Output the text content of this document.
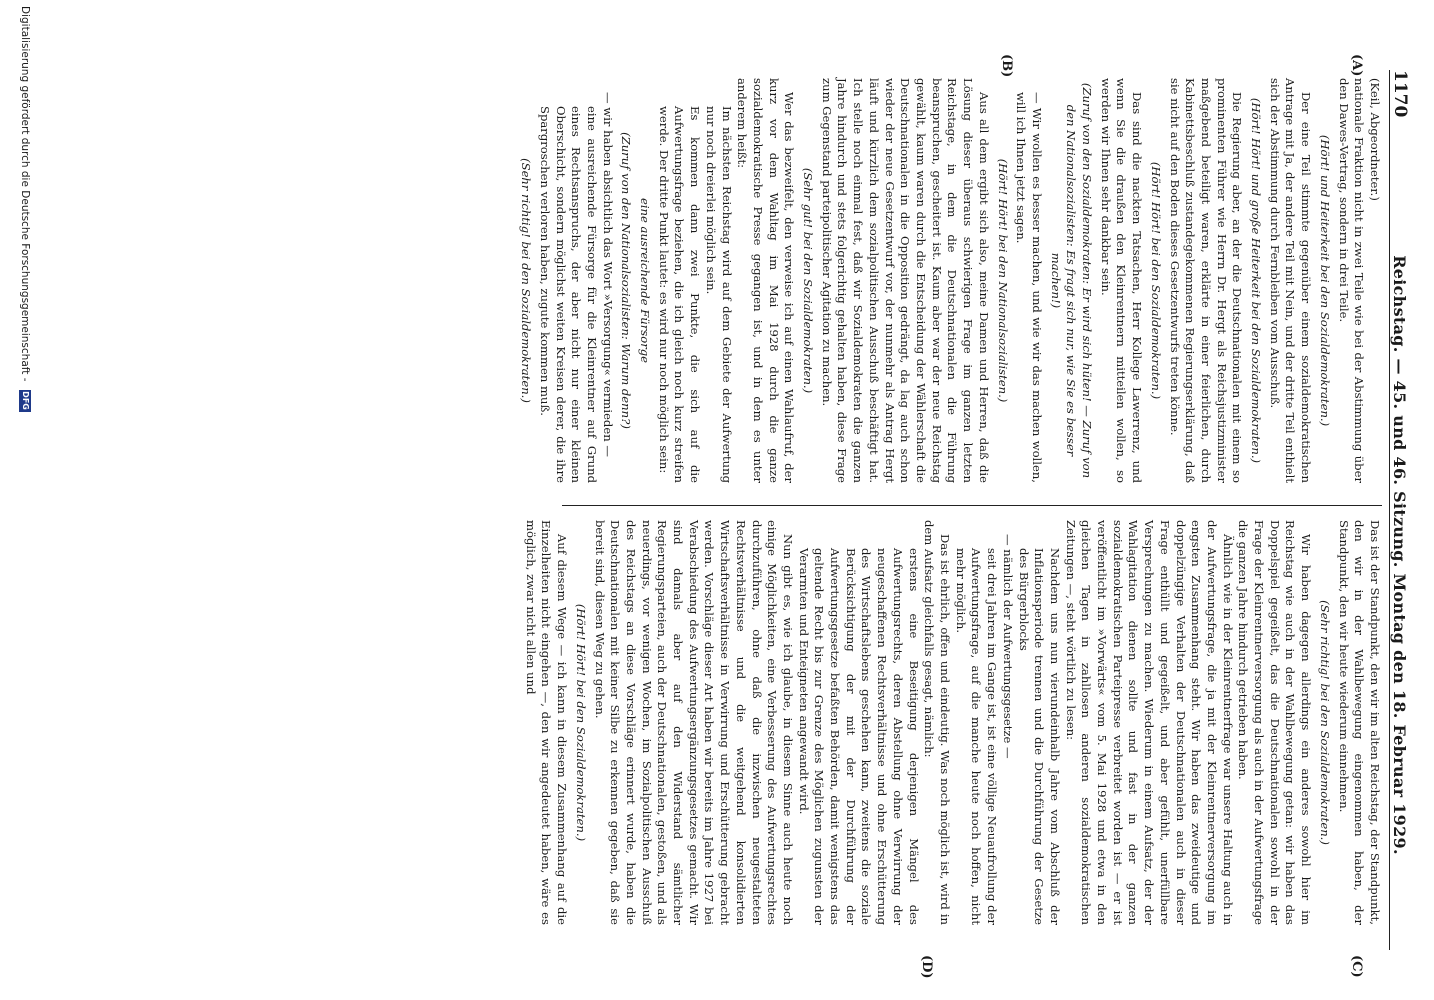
1170
Reichstag. — 45. und 46. Sitzung. Montag den 18. Februar 1929.
(A)
(B)
(C)
(D)

(Keil, Abgeordneter.)

nationale Fraktion nicht in zwei Teile wie bei der Abstimmung über den Dawes-Vertrag, sondern in drei Teile.

(Hört! und Heiterkeit bei den Sozialdemokraten.)

Der eine Teil stimmte gegenüber einem sozialdemokratischen Antrage mit Ja, der andere Teil mit Nein, und der dritte Teil enthielt sich der Abstimmung durch Fernbleiben vom Ausschuß.

(Hört! Hört! und große Heiterkeit bei den Sozialdemokraten.)

Die Regierung aber, an der die Deutschnationalen mit einem so prominenten Führer wie Herrn Dr. Hergt als Reichsjustizminister maßgebend beteiligt waren, erklärte in einer feierlichen, durch Kabinettsbeschluß zustandegekommenen Regierungserklärung, daß sie nicht auf den Boden dieses Gesetzentwurfs treten könne.

(Hört! Hört! bei den Sozialdemokraten.)

Das sind die nackten Tatsachen, Herr Kollege Lawerrenz, und wenn Sie die draußen den Kleinrentnern mitteilen wollen, so werden wir Ihnen sehr dankbar sein.

(Zuruf von den Sozialdemokraten: Er wird sich hüten! — Zuruf von den Nationalsozialisten: Es fragt sich nur, wie Sie es besser machen!)

— Wir wollen es besser machen, und wie wir das machen wollen, will ich Ihnen jetzt sagen.

(Hört! Hört! bei den Nationalsozialisten.)

Aus all dem ergibt sich also, meine Damen und Herren, daß die Lösung dieser überaus schwierigen Frage im ganzen letzten Reichstage, in dem die Deutschnationalen die Führung beanspruchen, gescheitert ist. Kaum aber war der neue Reichstag gewählt, kaum waren durch die Entscheidung der Wählerschaft die Deutschnationalen in die Opposition gedrängt, da lag auch schon wieder der neue Gesetzentwurf vor, der nunmehr als Antrag Hergt läuft und kürzlich dem sozialpolitischen Ausschuß beschäftigt hat. Ich stelle noch einmal fest, daß wir Sozialdemokraten die ganzen Jahre hindurch und stets folgerichtig gehalten haben, diese Frage zum Gegenstand parteipolitischer Agitation zu machen.

(Sehr gut! bei den Sozialdemokraten.)

Wer das bezweifelt, den verweise ich auf einen Wahlaufruf, der kurz vor dem Wahltag im Mai 1928 durch die ganze sozialdemokratische Presse gegangen ist, und in dem es unter anderem heißt:

Im nächsten Reichstag wird auf dem Gebiete der Aufwertung nur noch dreierlei möglich sein.

Es kommen dann zwei Punkte, die sich auf die Aufwertungsfrage beziehen, die ich gleich noch kurz streifen werde. Der dritte Punkt lautet: es wird nur noch möglich sein:

eine ausreichende Fürsorge

(Zuruf von den Nationalsozialisten: Warum denn?)

— wir haben absichtlich das Wort »Versorgung« vermieden —

eine ausreichende Fürsorge für die Kleinrentner auf Grund eines Rechtsanspruchs, der aber nicht nur einer kleinen Oberschicht, sondern möglichst weiten Kreisen derer, die ihre Spargroschen verloren haben, zugute kommen muß.

(Sehr richtig! bei den Sozialdemokraten.)

Das ist der Standpunkt, den wir im alten Reichstag, der Standpunkt, den wir in der Wahlbewegung eingenommen haben, der Standpunkt, den wir heute wiederum einnehmen.

(Sehr richtig! bei den Sozialdemokraten.)

Wir haben dagegen allerdings ein anderes sowohl hier im Reichstag wie auch in der Wahlbewegung getan: wir haben das Doppelspiel gegeißelt, das die Deutschnationalen sowohl in der Frage der Kleinrentnerversorgung als auch in der Aufwertungsfrage die ganzen Jahre hindurch getrieben haben.

Ähnlich wie in der Kleinrentnerfrage war unsere Haltung auch in der Aufwertungsfrage, die ja mit der Kleinrentnerversorgung im engsten Zusammenhang steht. Wir haben das zweideutige und doppelzüngige Verhalten der Deutschnationalen auch in dieser Frage enthüllt und gegeißelt, und aber gefühlt, unerfüllbare Versprechungen zu machen. Wiederum in einem Aufsatz, der der Wahlagitation dienen sollte und fast in der ganzen sozialdemokratischen Parteipresse verbreitet worden ist — er ist veröffentlicht im »Vorwärts« vom 5. Mai 1928 und etwa in den gleichen Tagen in zahllosen anderen sozialdemokratischen Zeitungen —, steht wörtlich zu lesen:

Nachdem uns nun vierundeinhalb Jahre vom Abschluß der Inflationsperiode trennen und die Durchführung der Gesetze des Bürgerblocks

— nämlich der Aufwertungsgesetze —

seit drei Jahren im Gange ist, ist eine völlige Neuaufrollung der Aufwertungsfrage, auf die manche heute noch hoffen, nicht mehr möglich.

Das ist ehrlich, offen und eindeutig. Was noch möglich ist, wird in dem Aufsatz gleichfalls gesagt, nämlich:

erstens eine Beseitigung derjenigen Mängel des Aufwertungsrechts, deren Abstellung ohne Verwirrung der neugeschaffenen Rechtsverhältnisse und ohne Erschütterung des Wirtschaftslebens geschehen kann, zweitens die soziale Berücksichtigung der mit der Durchführung der Aufwertungsgesetze befaßten Behörden, damit wenigstens das geltende Recht bis zur Grenze des Möglichen zugunsten der Verarmten und Enteigneten angewandt wird.

Nun gibt es, wie ich glaube, in diesem Sinne auch heute noch einige Möglichkeiten, eine Verbesserung des Aufwertungsrechtes durchzuführen, ohne daß die inzwischen neugestalteten Rechtsverhältnisse und die weitgehend konsolidierten Wirtschaftsverhältnisse in Verwirrung und Erschütterung gebracht werden. Vorschläge dieser Art haben wir bereits im Jahre 1927 bei Verabschiedung des Aufwertungsergänzungsgesetzes gemacht. Wir sind damals aber auf den Widerstand sämtlicher Regierungsparteien, auch der Deutschnationalen, gestoßen, und als neuerdings, vor wenigen Wochen, im Sozialpolitischen Ausschuß des Reichstags an diese Vorschläge erinnert wurde, haben die Deutschnationalen mit keiner Silbe zu erkennen gegeben, daß sie bereit sind, diesen Weg zu gehen.

(Hört! Hört! bei den Sozialdemokraten.)

Auf diesem Wege — ich kann in diesem Zusammenhang auf die Einzelheiten nicht eingehen —, den wir angedeutet haben, wäre es möglich, zwar nicht allen und

Digitalisierung gefördert durch die Deutsche Forschungsgemeinschaft -
DFG
